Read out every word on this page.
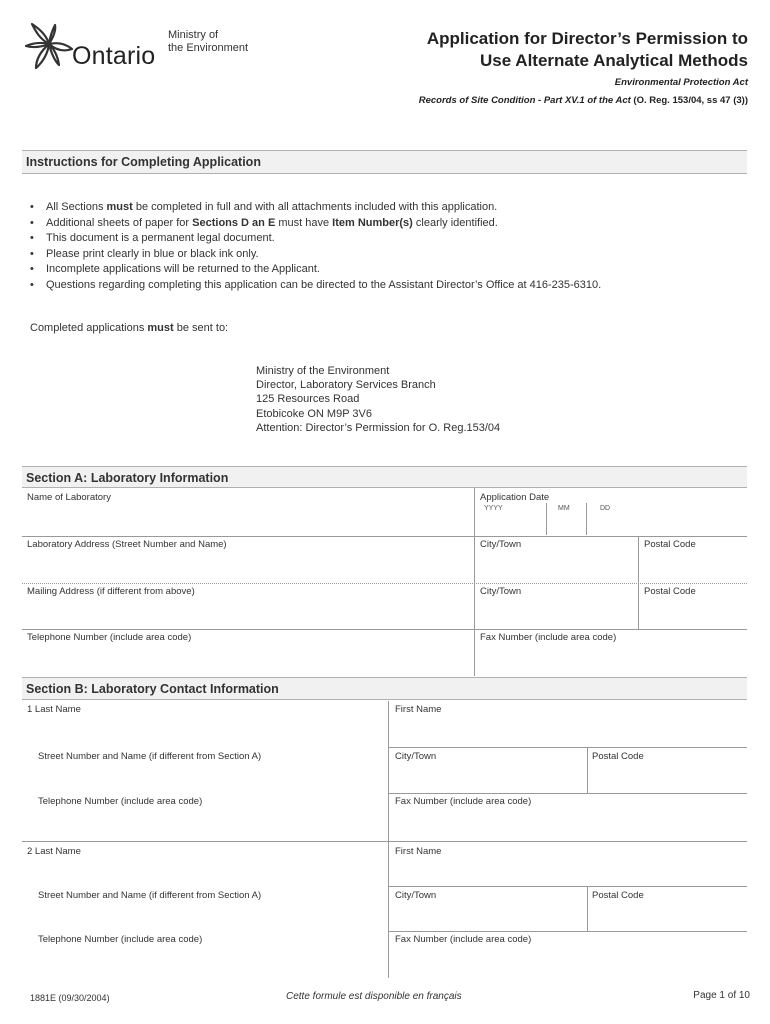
Ministry of
the Environment
Ontario
Application for Director’s Permission to
Use Alternate Analytical Methods
Environmental Protection Act
Records of Site Condition - Part XV.1 of the Act (O. Reg. 153/04, ss 47 (3))
Instructions for Completing Application
• All Sections must be completed in full and with all attachments included with this application.
• Additional sheets of paper for Sections D an E must have Item Number(s) clearly identified.
• This document is a permanent legal document.
• Please print clearly in blue or black ink only.
• Incomplete applications will be returned to the Applicant.
• Questions regarding completing this application can be directed to the Assistant Director’s Office at 416-235-6310.
Completed applications must be sent to:
Ministry of the Environment
Director, Laboratory Services Branch
125 Resources Road
Etobicoke ON M9P 3V6
Attention: Director’s Permission for O. Reg.153/04
Section A: Laboratory Information
Name of Laboratory	Application Date
YYYY	MM	DD
Laboratory Address (Street Number and Name)	City/Town	Postal Code
Mailing Address (if different from above)	City/Town	Postal Code
Telephone Number (include area code)	Fax Number (include area code)
Section B: Laboratory Contact Information
1 Last Name	First Name
Street Number and Name (if different from Section A)	City/Town	Postal Code
Telephone Number (include area code)	Fax Number (include area code)
2 Last Name	First Name
Street Number and Name (if different from Section A)	City/Town	Postal Code
Telephone Number (include area code)	Fax Number (include area code)
1881E (09/30/2004)	Cette formule est disponible en français	Page 1 of 10
